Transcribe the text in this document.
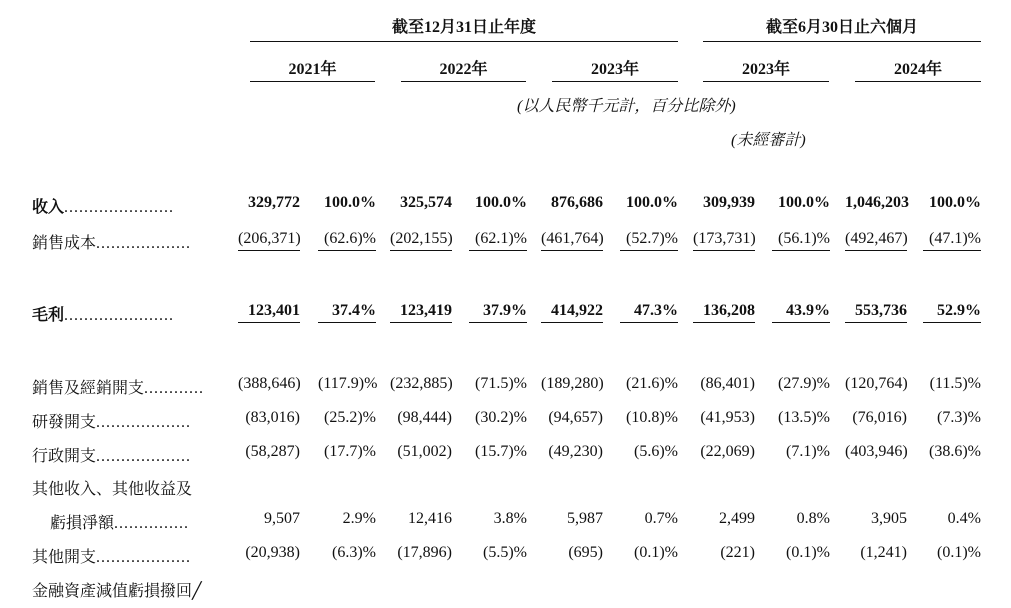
截至12月31日止年度	截至6月30日止六個月
2021年	2022年	2023年	2023年	2024年
(以人民幣千元計，百分比除外)
(未經審計)
收入......................	329,772	100.0%	325,574	100.0%	876,686	100.0%	309,939	100.0% 1,046,203	100.0%
銷售成本...................	(206,371)	(62.6)% (202,155)	(62.1)% (461,764)	(52.7)% (173,731)	(56.1)% (492,467)	(47.1)%
毛利......................	123,401	37.4%	123,419	37.9%	414,922	47.3%	136,208	43.9%	553,736	52.9%
銷售及經銷開支............ (388,646) (117.9)% (232,885)	(71.5)% (189,280)	(21.6)%	(86,401)	(27.9)% (120,764)	(11.5)%
研發開支...................	(83,016)	(25.2)%	(98,444)	(30.2)%	(94,657)	(10.8)%	(41,953)	(13.5)%	(76,016)	(7.3)%
行政開支...................	(58,287)	(17.7)%	(51,002)	(15.7)%	(49,230)	(5.6)%	(22,069)	(7.1)% (403,946)	(38.6)%
其他收入、其他收益及
虧損淨額...............	9,507	2.9%	12,416	3.8%	5,987	0.7%	2,499	0.8%	3,905	0.4%
其他開支...................	(20,938)	(6.3)%	(17,896)	(5.5)%	(695)	(0.1)%	(221)	(0.1)%	(1,241)	(0.1)%
金融資產減值虧損撥回╱
